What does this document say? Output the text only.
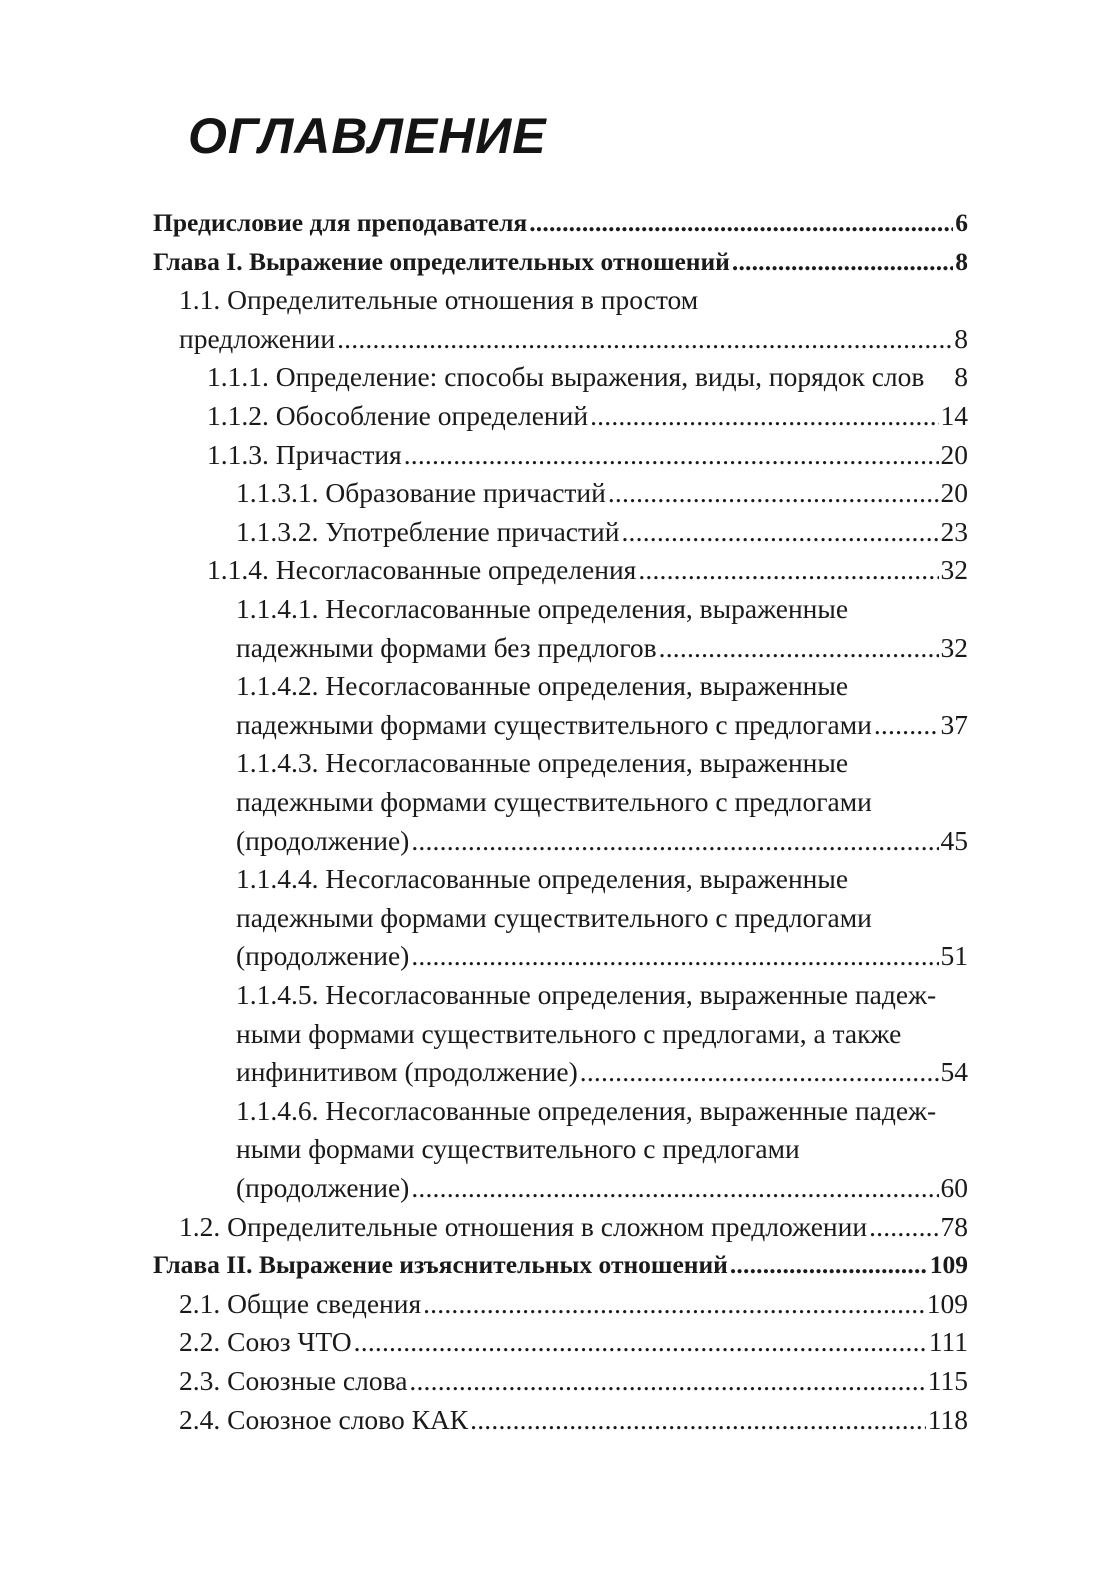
ОГЛАВЛЕНИЕ
Предисловие для преподавателя .....	6
Глава I. Выражение определительных отношений .....	8
1.1. Определительные отношения в простом
предложении .....	8
1.1.1. Определение: способы выражения, виды, порядок слов 8
1.1.2. Обособление определений .....	14
1.1.3. Причастия .....	20
1.1.3.1. Образование причастий .....	20
1.1.3.2. Употребление причастий .....	23
1.1.4. Несогласованные определения .....	32
1.1.4.1. Несогласованные определения, выраженные
падежными формами без предлогов .....	32
1.1.4.2. Несогласованные определения, выраженные
падежными формами существительного с предлогами ..... 37
1.1.4.3. Несогласованные определения, выраженные
падежными формами существительного с предлогами
(продолжение) .....	45
1.1.4.4. Несогласованные определения, выраженные
падежными формами существительного с предлогами
(продолжение) .....	51
1.1.4.5. Несогласованные определения, выраженные падеж-
ными формами существительного с предлогами, а также
инфинитивом (продолжение) .....	54
1.1.4.6. Несогласованные определения, выраженные падеж-
ными формами существительного с предлогами
(продолжение) .....	60
1.2. Определительные отношения в сложном предложении .....	78
Глава II. Выражение изъяснительных отношений .....	109
2.1. Общие сведения .....	109
2.2. Союз ЧТО .....	111
2.3. Союзные слова .....	115
2.4. Союзное слово КАК .....	118
